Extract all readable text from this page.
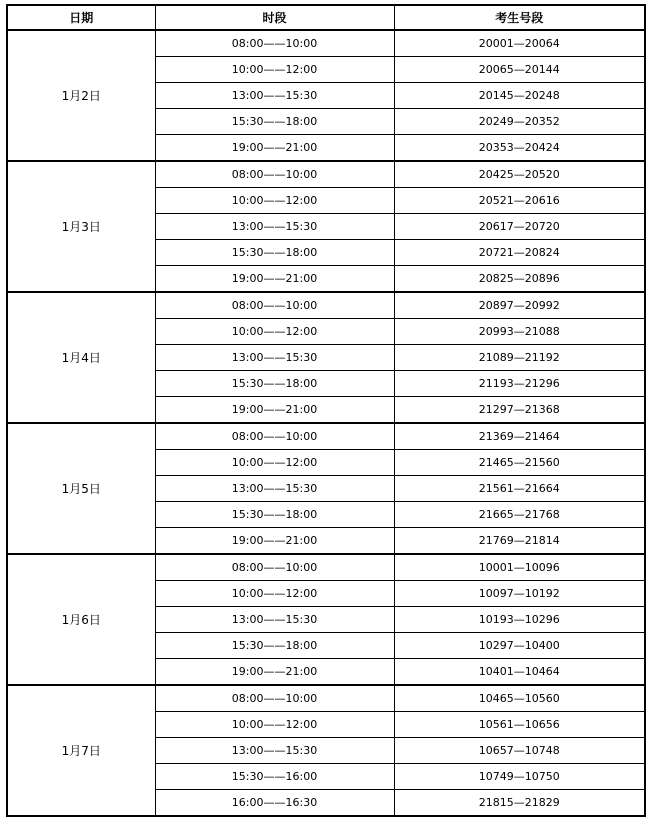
日期	时段	考生号段
1月2日	08:00——10:00	20001—20064
	10:00——12:00	20065—20144
	13:00——15:30	20145—20248
	15:30——18:00	20249—20352
	19:00——21:00	20353—20424
1月3日	08:00——10:00	20425—20520
	10:00——12:00	20521—20616
	13:00——15:30	20617—20720
	15:30——18:00	20721—20824
	19:00——21:00	20825—20896
1月4日	08:00——10:00	20897—20992
	10:00——12:00	20993—21088
	13:00——15:30	21089—21192
	15:30——18:00	21193—21296
	19:00——21:00	21297—21368
1月5日	08:00——10:00	21369—21464
	10:00——12:00	21465—21560
	13:00——15:30	21561—21664
	15:30——18:00	21665—21768
	19:00——21:00	21769—21814
1月6日	08:00——10:00	10001—10096
	10:00——12:00	10097—10192
	13:00——15:30	10193—10296
	15:30——18:00	10297—10400
	19:00——21:00	10401—10464
1月7日	08:00——10:00	10465—10560
	10:00——12:00	10561—10656
	13:00——15:30	10657—10748
	15:30——16:00	10749—10750
	16:00——16:30	21815—21829
